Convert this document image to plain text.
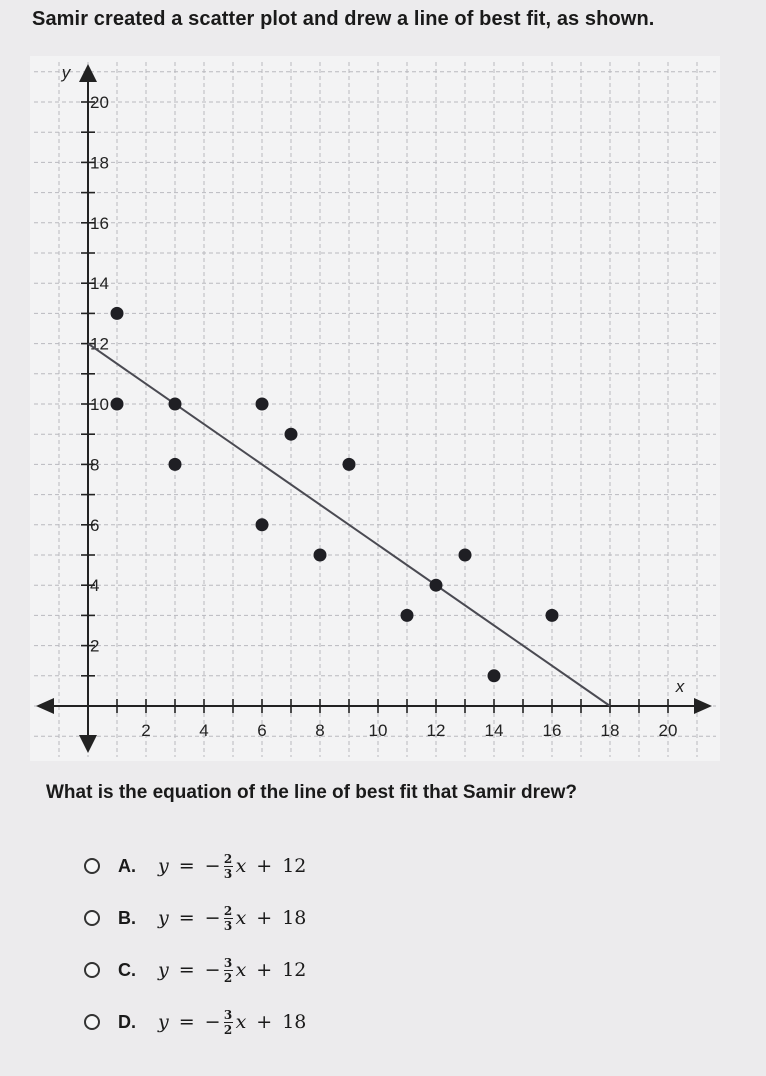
Samir created a scatter plot and drew a line of best fit, as shown.
2	4	6	8	10 12 14 16 18 20
2
4
6
8
10
12
14
16
18
20
x
y
What is the equation of the line of best fit that Samir drew?
A.	y = − $\frac{2}{3}$ x + 12
B.	y = − $\frac{2}{3}$ x + 18
C.	y = − $\frac{3}{2}$ x + 12
D.	y = − $\frac{3}{2}$ x + 18
